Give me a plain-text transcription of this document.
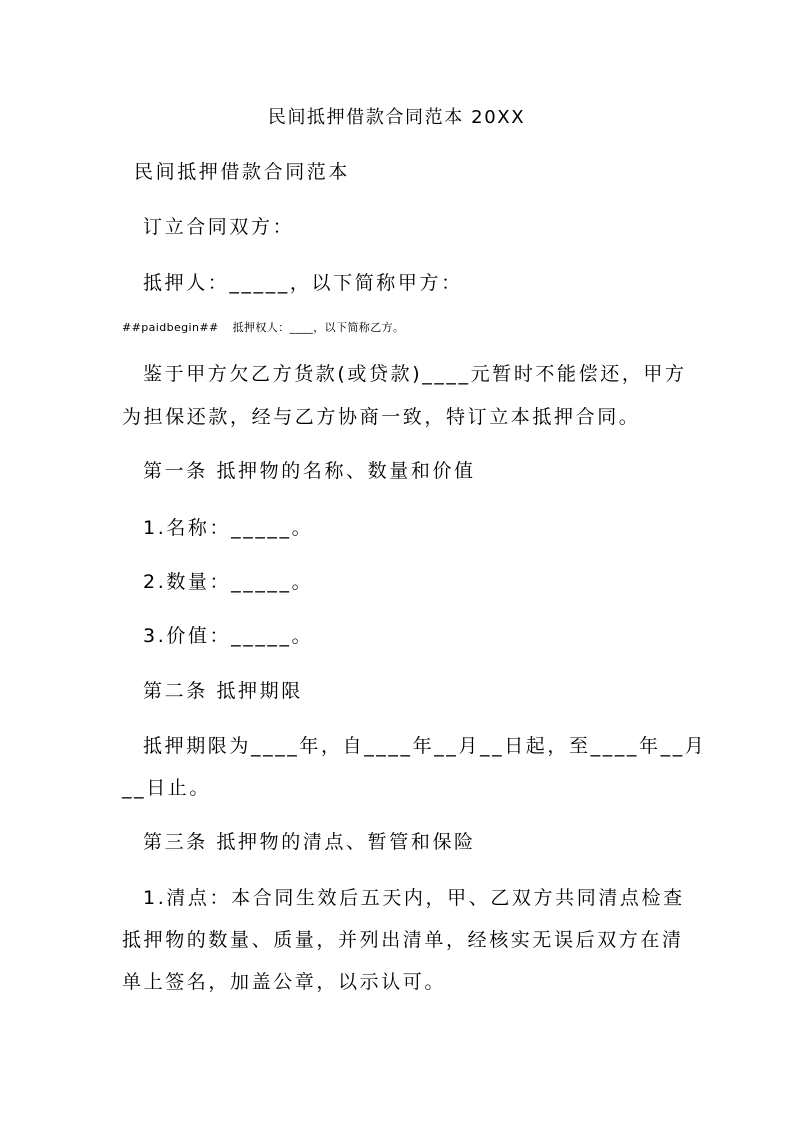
民间抵押借款合同范本 20XX
民间抵押借款合同范本
订立合同双方：
抵押人：_____，以下简称甲方：
##paidbegin## 抵押权人：____，以下简称乙方。
鉴于甲方欠乙方货款(或贷款)____元暂时不能偿还，甲方
为担保还款，经与乙方协商一致，特订立本抵押合同。
第一条 抵押物的名称、数量和价值
1.名称：_____。
2.数量：_____。
3.价值：_____。
第二条 抵押期限
抵押期限为____年，自____年__月__日起，至____年__月
__日止。
第三条 抵押物的清点、暂管和保险
1.清点：本合同生效后五天内，甲、乙双方共同清点检查
抵押物的数量、质量，并列出清单，经核实无误后双方在清
单上签名，加盖公章，以示认可。
